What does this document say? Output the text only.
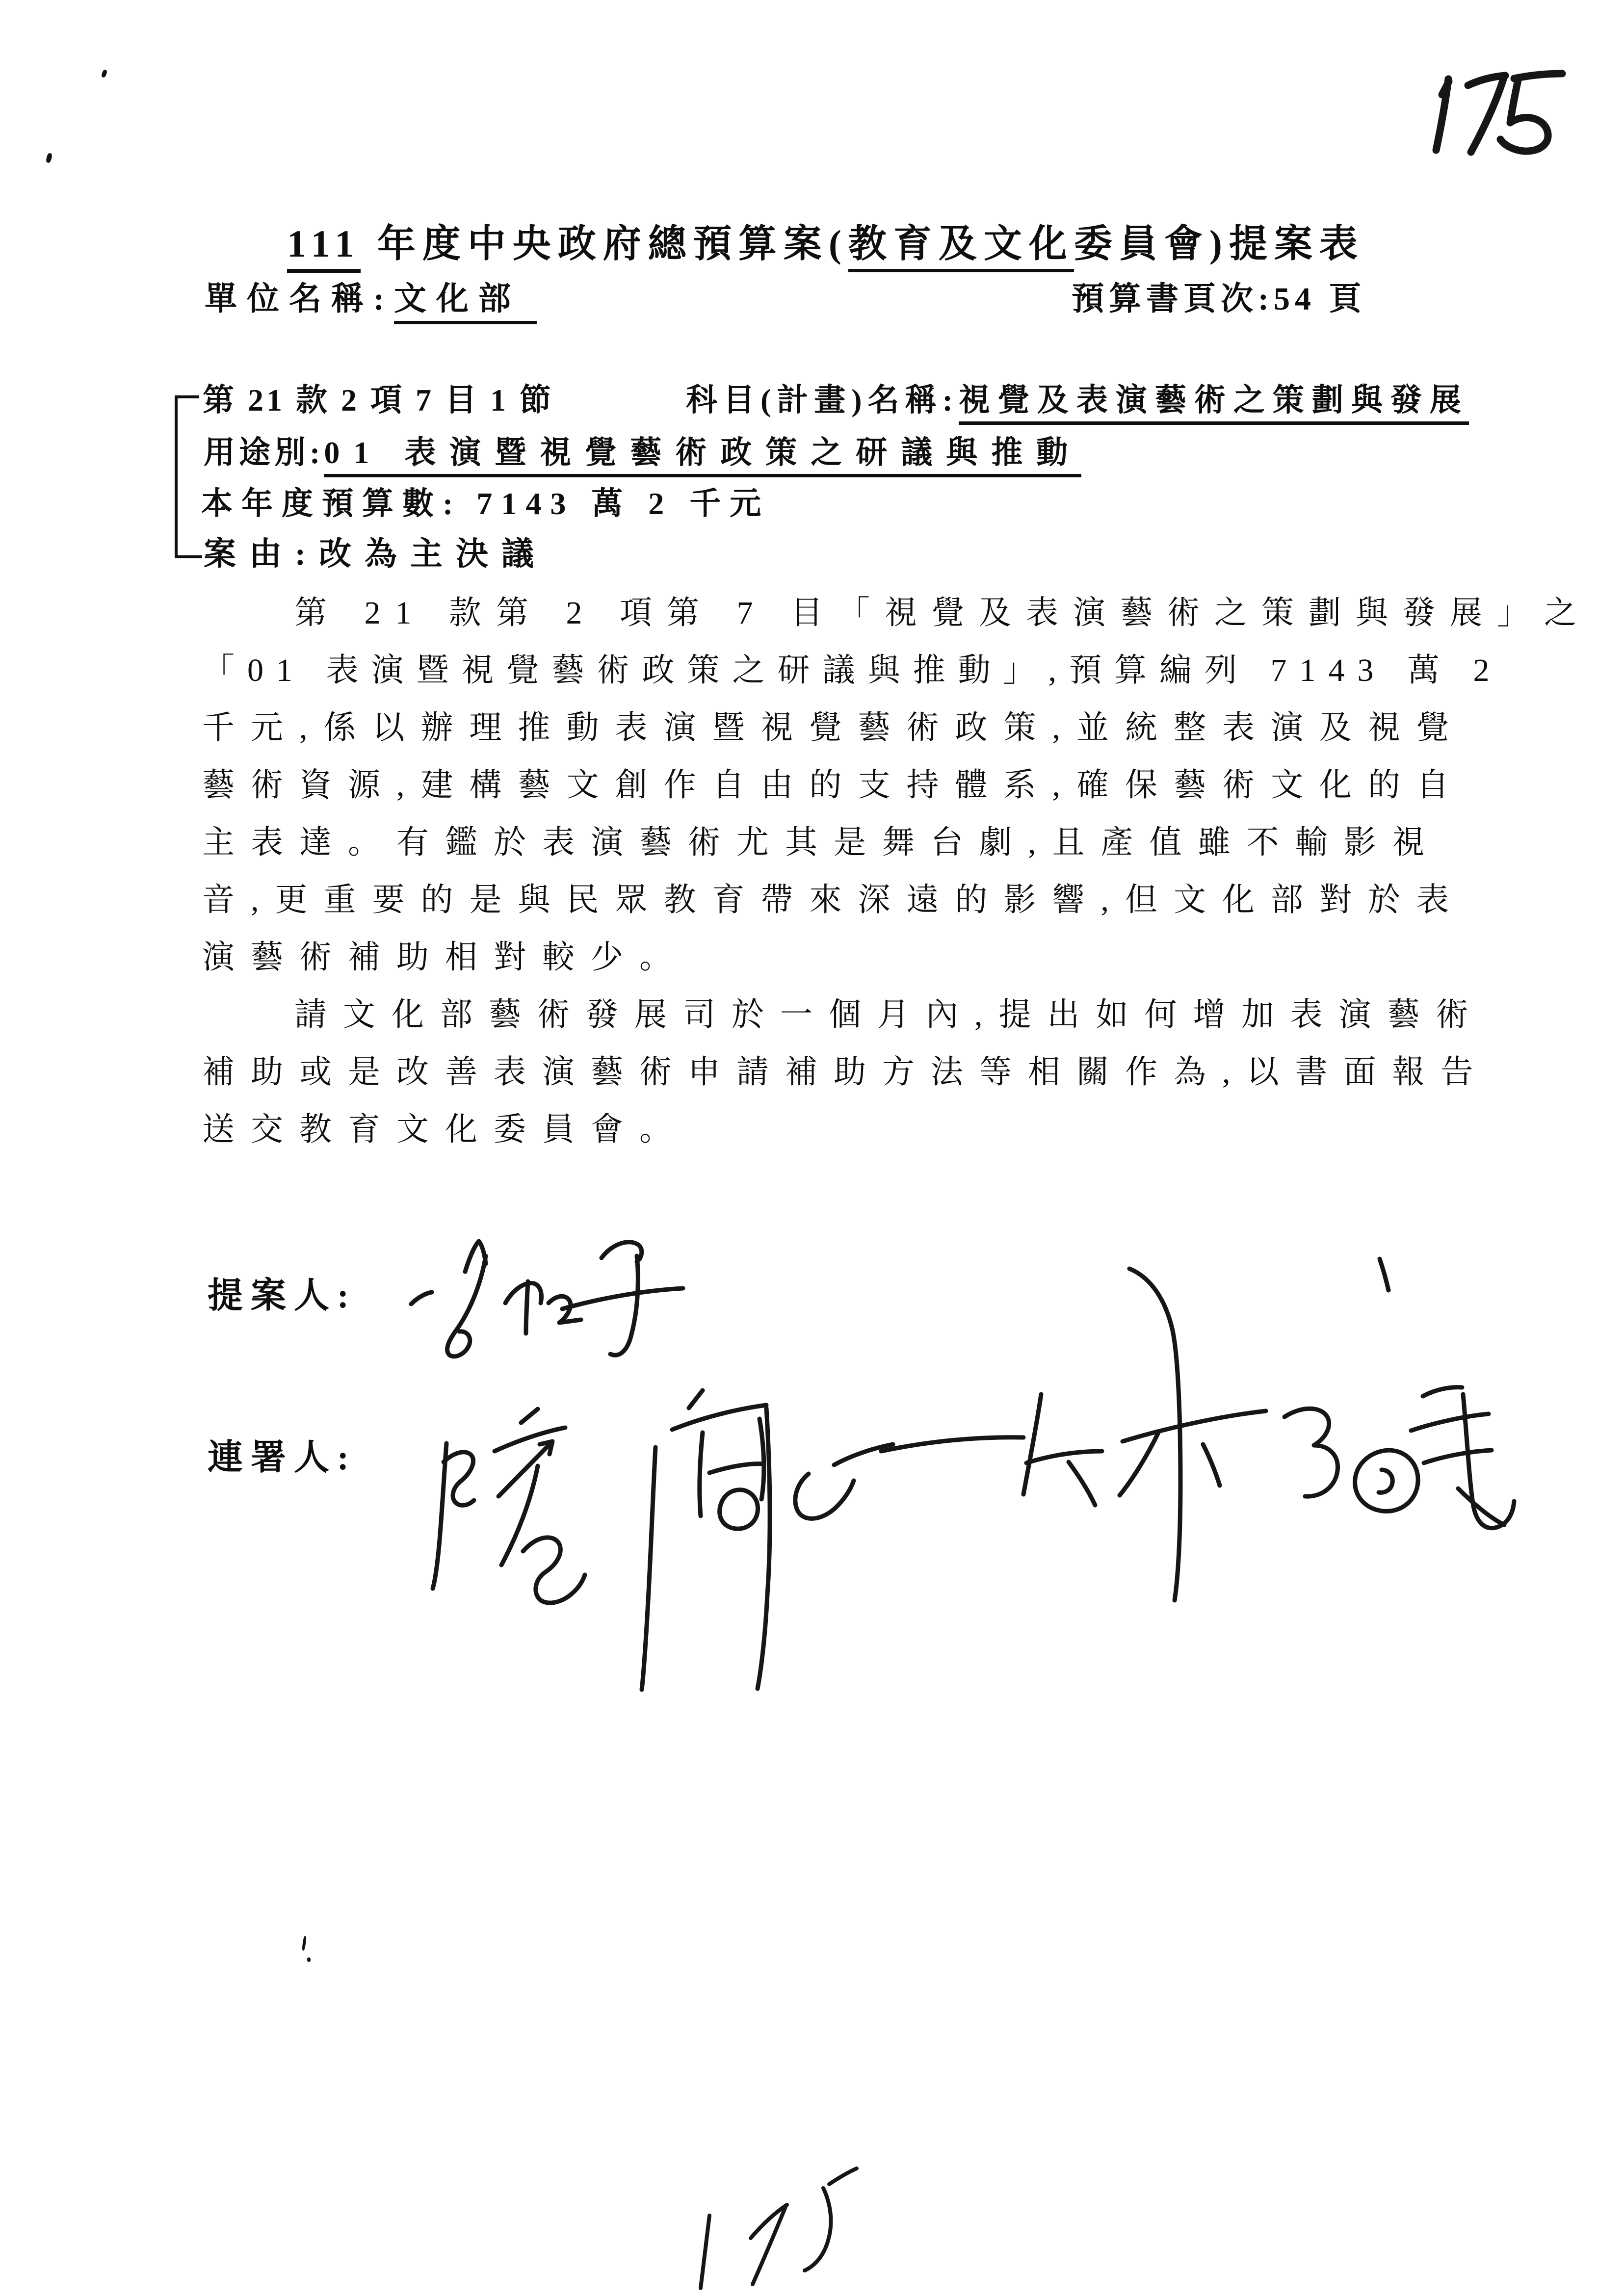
111 年度中央政府總預算案(教育及文化委員會)提案表
單位名稱:文化部	預算書頁次:54 頁
第 21 款 2 項 7 目 1 節	科目(計畫)名稱:視覺及表演藝術之策劃與發展
用途別:01 表演暨視覺藝術政策之研議與推動
本年度預算數: 7143 萬 2 千元
案由:改為主決議
第 21 款第 2 項第 7 目「視覺及表演藝術之策劃與發展」之
「01 表演暨視覺藝術政策之研議與推動」,預算編列 7143 萬 2
千元,係以辦理推動表演暨視覺藝術政策,並統整表演及視覺
藝術資源,建構藝文創作自由的支持體系,確保藝術文化的自
主表達。有鑑於表演藝術尤其是舞台劇,且產值雖不輸影視
音,更重要的是與民眾教育帶來深遠的影響,但文化部對於表
演藝術補助相對較少。
請文化部藝術發展司於一個月內,提出如何增加表演藝術
補助或是改善表演藝術申請補助方法等相關作為,以書面報告
送交教育文化委員會。
提案人:
連署人:
